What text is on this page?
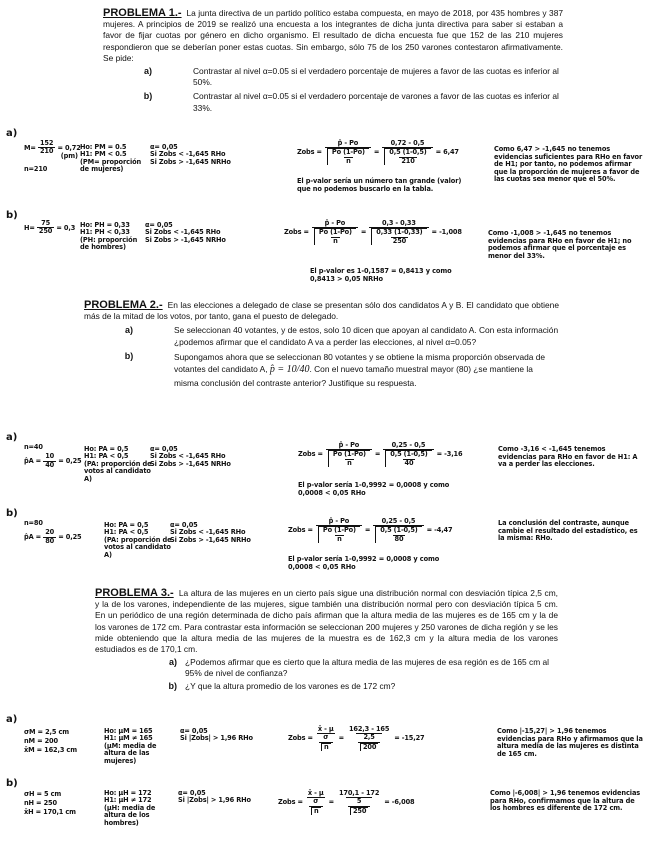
PROBLEMA 1.- La junta directiva de un partido político estaba compuesta, en mayo de 2018, por 435 hombres y 387 mujeres. A principios de 2019 se realizó una encuesta a los integrantes de dicha junta directiva para saber si estaban a favor de fijar cuotas por género en dicho organismo. El resultado de dicha encuesta fue que 152 de las 210 mujeres respondieron que se deberían poner estas cuotas. Sin embargo, sólo 75 de los 250 varones contestaron afirmativamente. Se pide:
a)	Contrastar al nivel α=0.05 si el verdadero porcentaje de mujeres a favor de las cuotas es inferior al 50%.
b)	Contrastar al nivel α=0.05 si el verdadero porcentaje de varones a favor de las cuotas es inferior al 33%.
a)
$M= \frac{152}{210} = 0,72$ (pm)
n=210
Ho: PM = 0.5
H1: PM < 0.5
(PM= proporción de mujeres)
α= 0,05
Si Zobs < -1,645 RHo
Si Zobs > -1,645 NRHo
Zobs = $\frac{p̂ - Po}{\frac{Po (1-Po)}{n}} = \frac{0,72 - 0,5}{\frac{0,5 (1-0,5)}{210}} = 6,47$
El p-valor sería un número tan grande (valor) que no podemos buscarlo en la tabla.
Como 6,47 > -1,645 no tenemos evidencias suficientes para RHo en favor de H1; por tanto, no podemos afirmar que la proporción de mujeres a favor de las cuotas sea menor que el 50%.
b)
$H= \frac{75}{250} = 0,3$ Ho: PH = 0,33
H1: PH < 0,33
(PH: proporción de hombres)
α= 0,05
Si Zobs < -1,645 RHo
Si Zobs > -1,645 NRHo
Zobs = $\frac{p̂ - Po}{\frac{Po (1-Po)}{n}} = \frac{0,3 - 0,33}{\frac{0,33 (1-0,33)}{250}} = -1,008$
El p-valor es 1-0,1587 = 0,8413 y como 0,8413 > 0,05 NRHo
Como -1,008 > -1,645 no tenemos evidencias para RHo en favor de H1; no podemos afirmar que el porcentaje es menor del 33%.
PROBLEMA 2.- En las elecciones a delegado de clase se presentan sólo dos candidatos A y B. El candidato que obtiene más de la mitad de los votos, por tanto, gana el puesto de delegado.
a)	Se seleccionan 40 votantes, y de estos, solo 10 dicen que apoyan al candidato A. Con esta información ¿podemos afirmar que el candidato A va a perder las elecciones, al nivel α=0.05?
b)	Supongamos ahora que se seleccionan 80 votantes y se obtiene la misma proporción observada de votantes del candidato A, p̂ = 10/40. Con el nuevo tamaño muestral mayor (80) ¿se mantiene la misma conclusión del contraste anterior? Justifique su respuesta.
a)
n=40
p̂A = $\frac{10}{40} = 0,25$
Ho: PA = 0,5
H1: PA < 0,5
(PA: proporción de votos al candidato A)
α= 0,05
Si Zobs < -1,645 RHo
Si Zobs > -1,645 NRHo
Zobs = $\frac{p̂ - Po}{\frac{Po (1-Po)}{n}} = \frac{0,25 - 0,5}{\frac{0,5 (1-0,5)}{40}} = -3,16$
El p-valor sería 1-0,9992 = 0,0008 y como 0,0008 < 0,05 RHo
Como -3,16 < -1,645 tenemos evidencias para RHo en favor de H1: A va a perder las elecciones.
b)
n=80
p̂A = $\frac{20}{80} = 0,25$
Ho: PA = 0,5
H1: PA < 0,5
(PA: proporción de votos al candidato A)
α= 0,05
Si Zobs < -1,645 RHo
Si Zobs > -1,645 NRHo
Zobs = $\frac{p̂ - Po}{\frac{Po (1-Po)}{n}} = \frac{0,25 - 0,5}{\frac{0,5 (1-0,5)}{80}} = -4,47$
El p-valor sería 1-0,9992 = 0,0008 y como 0,0008 < 0,05 RHo
La conclusión del contraste, aunque cambie el resultado del estadístico, es la misma: RHo.
PROBLEMA 3.- La altura de las mujeres en un cierto país sigue una distribución normal con desviación típica 2,5 cm, y la de los varones, independiente de las mujeres, sigue también una distribución normal pero con desviación típica 5 cm. En un periódico de una región determinada de dicho país afirman que la altura media de las mujeres es de 165 cm y la de los varones de 172 cm. Para contrastar esta información se seleccionan 200 mujeres y 250 varones de dicha región y se les mide obteniendo que la altura media de las mujeres de la muestra es de 162,3 cm y la altura media de los varones estudiados es de 170,1 cm.
a) ¿Podemos afirmar que es cierto que la altura media de las mujeres de esa región es de 165 cm al 95% de nivel de confianza?
b) ¿Y que la altura promedio de los varones es de 172 cm?
a)
σM = 2,5 cm
nM = 200
x̄M = 162,3 cm
Ho: μM = 165
H1: μM ≠ 165
(μM: media de altura de las mujeres)
α= 0,05
Si |Zobs| > 1,96 RHo	Zobs = $\frac{x̄ - \mu}{\frac{\sigma}{n}} = \frac{162,3 - 165}{\frac{2,5}{200}} = -15,27$
Como |-15,27| > 1,96 tenemos evidencias para RHo y afirmamos que la altura media de las mujeres es distinta de 165 cm.
b)
σH = 5 cm
nH = 250
x̄H = 170,1 cm
Ho: μH = 172
H1: μH ≠ 172
(μH: media de altura de los hombres)
α= 0,05
Si |Zobs| > 1,96 RHo	Zobs = $\frac{x̄ - \mu}{\frac{\sigma}{n}} = \frac{170,1 - 172}{\frac{5}{250}} = -6,008$
Como |-6,008| > 1,96 tenemos evidencias para RHo, confirmamos que la altura de los hombres es diferente de 172 cm.
